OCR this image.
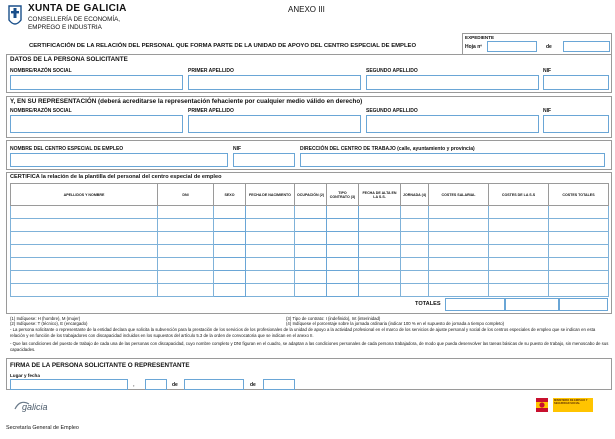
XUNTA DE GALICIA
CONSELLERÍA DE ECONOMÍA,
EMPREGO E INDUSTRIA
ANEXO III
EXPEDIENTE
Hoja nº	de
CERTIFICACIÓN DE LA RELACIÓN DEL PERSONAL QUE FORMA PARTE DE LA UNIDAD DE APOYO DEL CENTRO ESPECIAL DE EMPLEO
DATOS DE LA PERSONA SOLICITANTE
NOMBRE/RAZÓN SOCIAL	PRIMER APELLIDO	SEGUNDO APELLIDO	NIF
Y, EN SU REPRESENTACIÓN (deberá acreditarse la representación fehaciente por cualquier medio válido en derecho)
NOMBRE/RAZÓN SOCIAL	PRIMER APELLIDO	SEGUNDO APELLIDO	NIF
NOMBRE DEL CENTRO ESPECIAL DE EMPLEO	NIF	DIRECCIÓN DEL CENTRO DE TRABAJO (calle, ayuntamiento y provincia)
CERTIFICA la relación de la plantilla del personal del centro especial de empleo
APELLIDOS Y NOMBRE	DNI	SEXO	FECHA DE NACIMIENTO	OCUPACIÓN (2)	TIPO CONTRATO (3)	FECHA DE ALTA EN LA S.S.	JORNADA (4)	COSTES SALARIAL	COSTES DE LA S.S	COSTES TOTALES

TOTALES
(1) Indíquese: H (hombre), M (mujer)
(2) Indíquese: T (técnico), E (encargado)
(3) Tipo de contrato: I (indefinido), Int (interinidad)
(4) Indíquese el porcentaje sobre la jornada ordinaria (indicar 100 % en el supuesto de jornada a tiempo completo)
- La persona solicitante o representante de la entidad declara que solicita la subvención para la prestación de los servicios de los profesionales de la unidad de apoyo a la actividad profesional en el marco de los servicios de ajuste personal y social de los centros especiales de empleo que se indican en esta relación y en función de los trabajadores con discapacidad incluidos en los supuestos del artículo 5.3 de la orden de convocatoria que se indican en el anexo II.
- Que las condiciones del puesto de trabajo de cada una de las personas con discapacidad, cuyo nombre completo y DNI figuran en el cuadro, se adaptan a las condiciones personales de cada persona trabajadora, de modo que pueda desenvolver las tareas básicas de su puesto de trabajo, sin menoscabo de sus capacidades.
FIRMA DE LA PERSONA SOLICITANTE O REPRESENTANTE
Lugar y fecha
,	de	de
galicia
MINISTERIO DE EMPLEO Y SEGURIDAD SOCIAL
Secretaría General de Empleo
